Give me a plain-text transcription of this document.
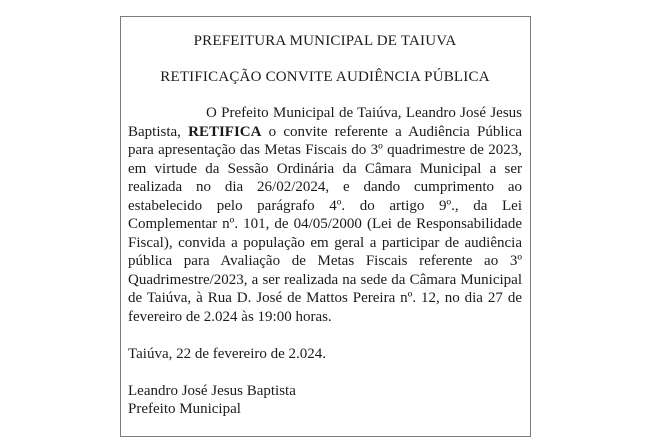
PREFEITURA MUNICIPAL DE TAIUVA
RETIFICAÇÃO CONVITE AUDIÊNCIA PÚBLICA

O Prefeito Municipal de Taiúva, Leandro José Jesus Baptista, RETIFICA o convite referente a Audiência Pública para apresentação das Metas Fiscais do 3º quadrimestre de 2023, em virtude da Sessão Ordinária da Câmara Municipal a ser realizada no dia 26/02/2024, e dando cumprimento ao estabelecido pelo parágrafo 4º. do artigo 9º., da Lei Complementar nº. 101, de 04/05/2000 (Lei de Responsabilidade Fiscal), convida a população em geral a participar de audiência pública para Avaliação de Metas Fiscais referente ao 3º Quadrimestre/2023, a ser realizada na sede da Câmara Municipal de Taiúva, à Rua D. José de Mattos Pereira nº. 12, no dia 27 de fevereiro de 2.024 às 19:00 horas.

Taiúva, 22 de fevereiro de 2.024.

Leandro José Jesus Baptista
Prefeito Municipal
